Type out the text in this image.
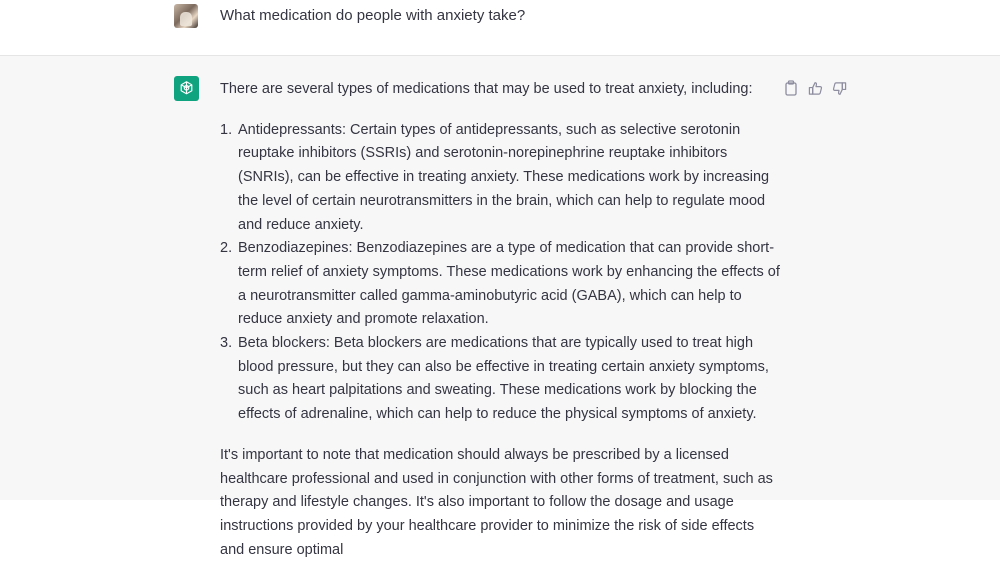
What medication do people with anxiety take?

There are several types of medications that may be used to treat anxiety, including:

1. Antidepressants: Certain types of antidepressants, such as selective serotonin reuptake inhibitors (SSRIs) and serotonin-norepinephrine reuptake inhibitors (SNRIs), can be effective in treating anxiety. These medications work by increasing the level of certain neurotransmitters in the brain, which can help to regulate mood and reduce anxiety.
2. Benzodiazepines: Benzodiazepines are a type of medication that can provide short-term relief of anxiety symptoms. These medications work by enhancing the effects of a neurotransmitter called gamma-aminobutyric acid (GABA), which can help to reduce anxiety and promote relaxation.
3. Beta blockers: Beta blockers are medications that are typically used to treat high blood pressure, but they can also be effective in treating certain anxiety symptoms, such as heart palpitations and sweating. These medications work by blocking the effects of adrenaline, which can help to reduce the physical symptoms of anxiety.

It's important to note that medication should always be prescribed by a licensed healthcare professional and used in conjunction with other forms of treatment, such as therapy and lifestyle changes. It's also important to follow the dosage and usage instructions provided by your healthcare provider to minimize the risk of side effects and ensure optimal
